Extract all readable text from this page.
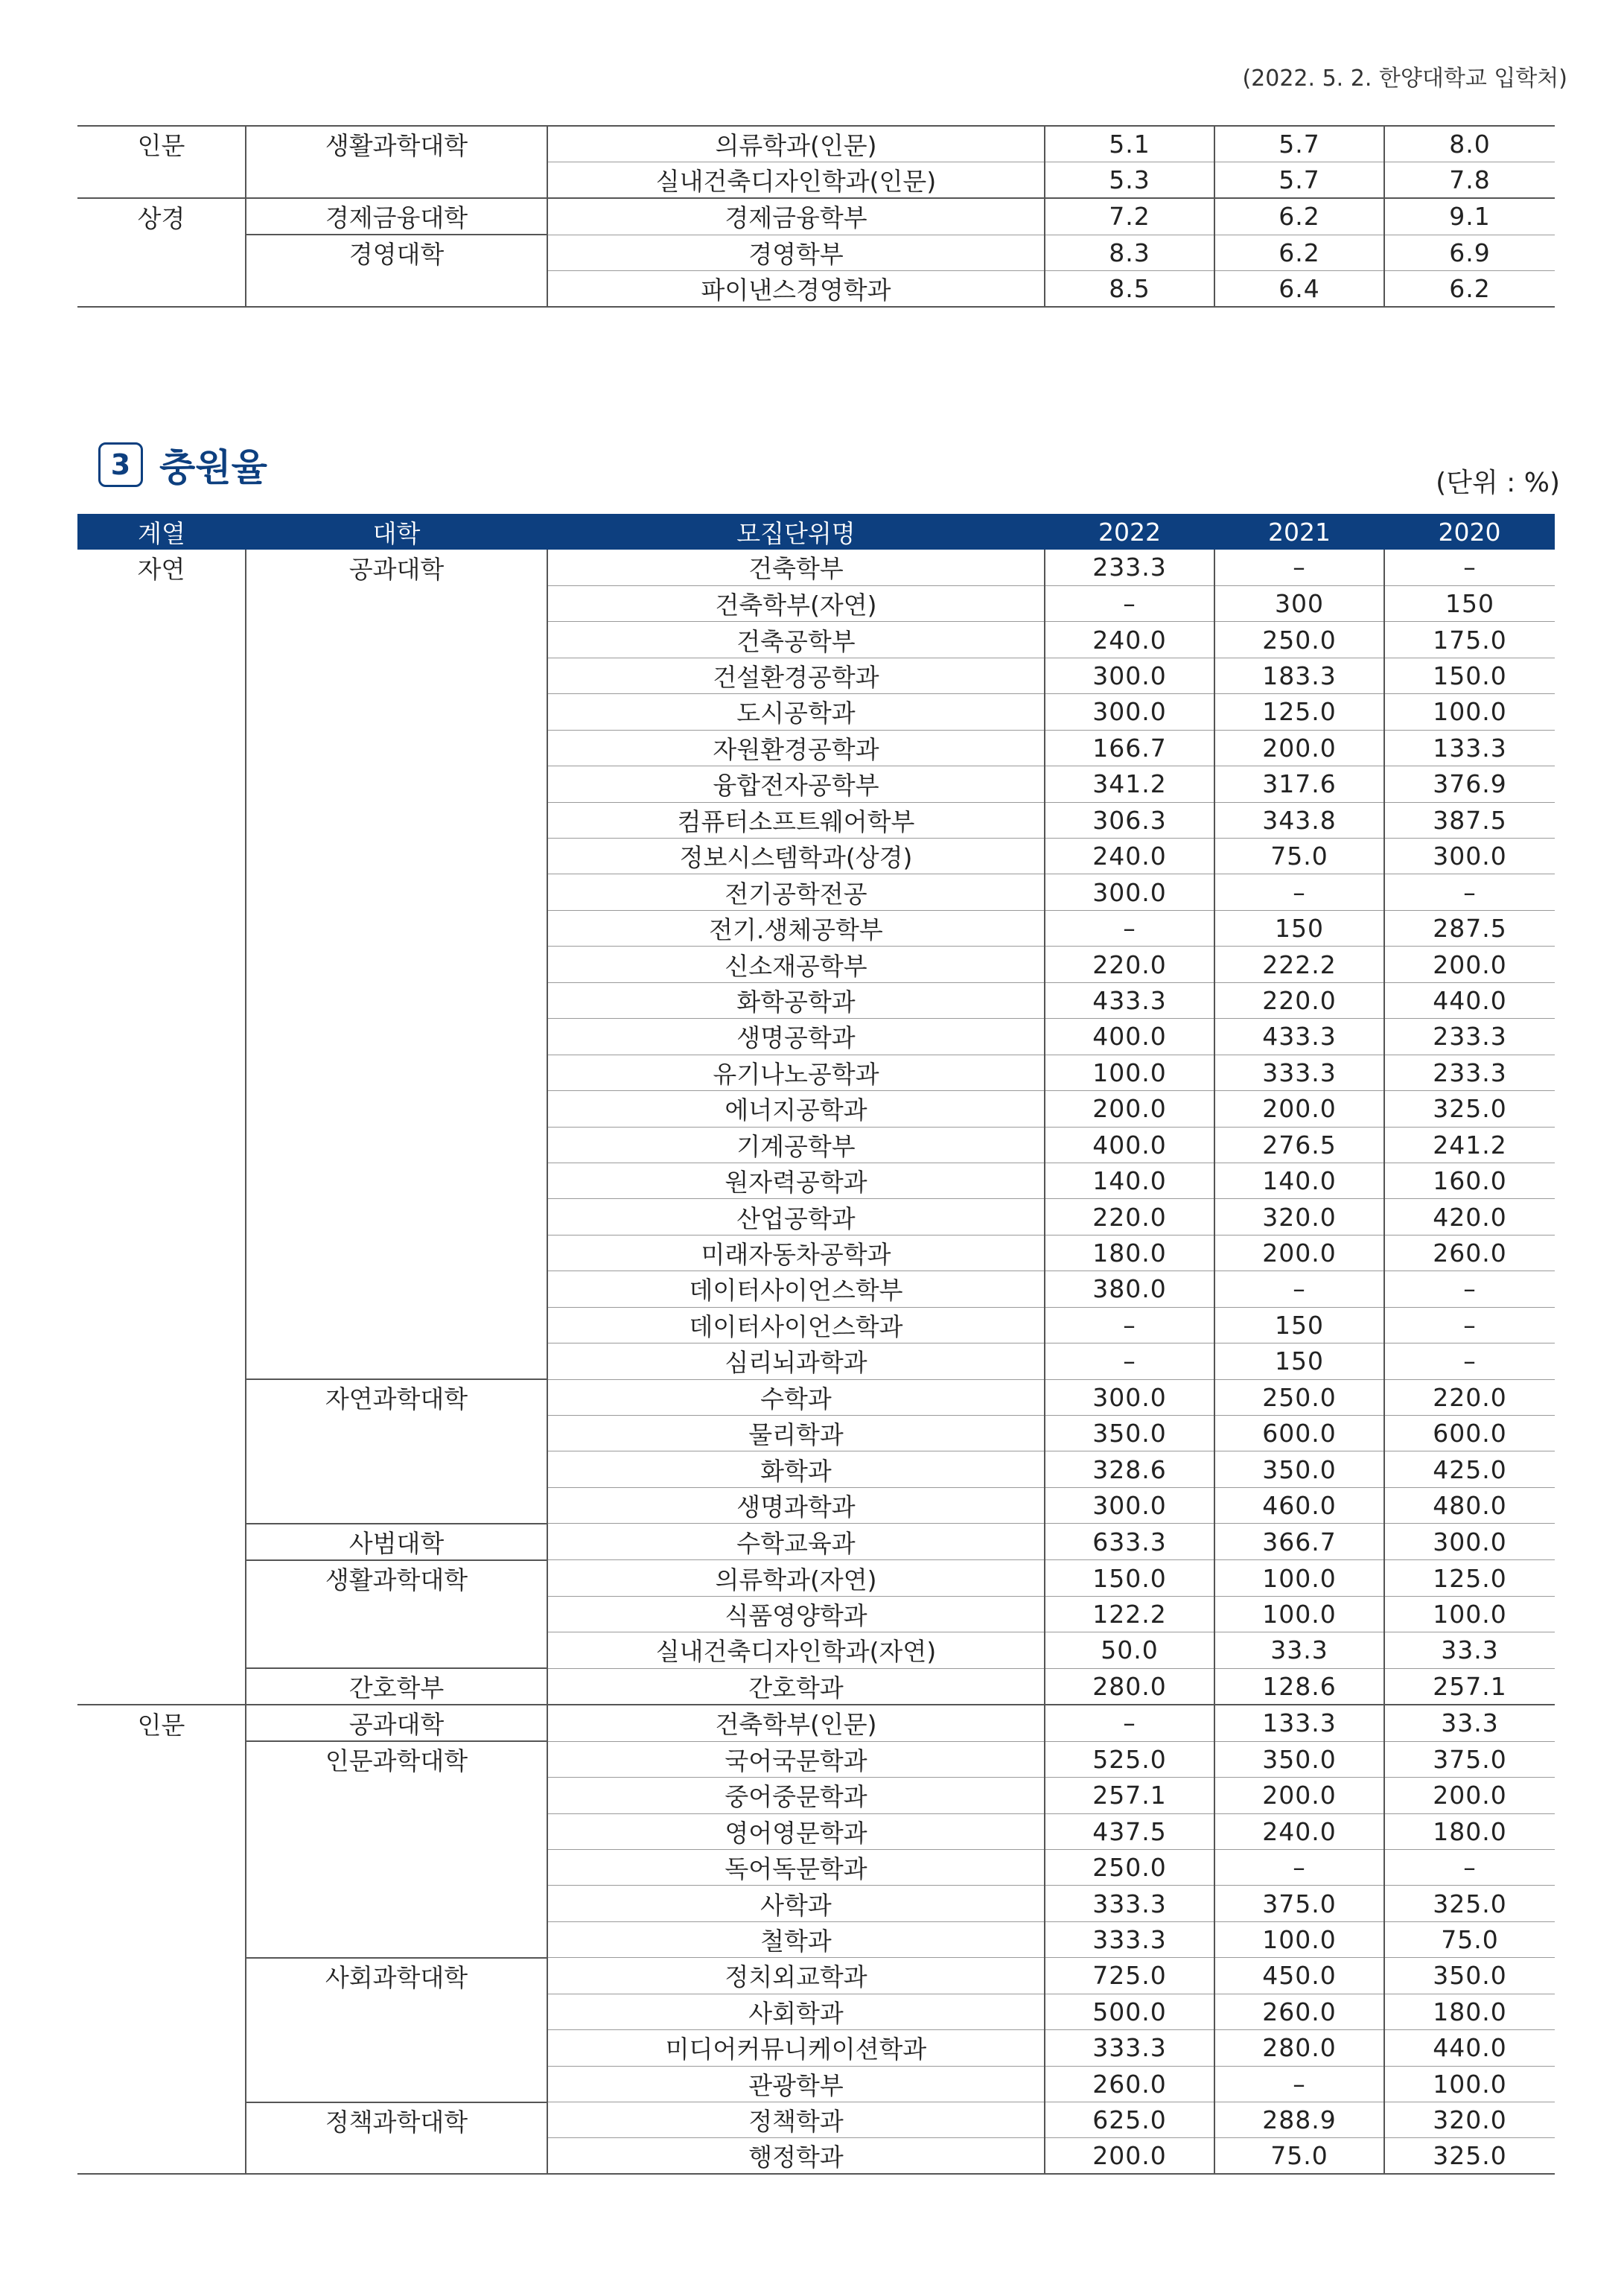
(2022. 5. 2. 한양대학교 입학처)
인문	생활과학대학	의류학과(인문)	5.1	5.7	8.0
		실내건축디자인학과(인문)	5.3	5.7	7.8
상경	경제금융대학	경제금융학부	7.2	6.2	9.1
	경영대학	경영학부	8.3	6.2	6.9
		파이낸스경영학과	8.5	6.4	6.2
3 충원율	(단위 : %)
계열	대학	모집단위명	2022	2021	2020
자연	공과대학	건축학부	233.3	–	–
		건축학부(자연)	–	300	150
		건축공학부	240.0	250.0	175.0
		건설환경공학과	300.0	183.3	150.0
		도시공학과	300.0	125.0	100.0
		자원환경공학과	166.7	200.0	133.3
		융합전자공학부	341.2	317.6	376.9
		컴퓨터소프트웨어학부	306.3	343.8	387.5
		정보시스템학과(상경)	240.0	75.0	300.0
		전기공학전공	300.0	–	–
		전기.생체공학부	–	150	287.5
		신소재공학부	220.0	222.2	200.0
		화학공학과	433.3	220.0	440.0
		생명공학과	400.0	433.3	233.3
		유기나노공학과	100.0	333.3	233.3
		에너지공학과	200.0	200.0	325.0
		기계공학부	400.0	276.5	241.2
		원자력공학과	140.0	140.0	160.0
		산업공학과	220.0	320.0	420.0
		미래자동차공학과	180.0	200.0	260.0
		데이터사이언스학부	380.0	–	–
		데이터사이언스학과	–	150	–
		심리뇌과학과	–	150	–
	자연과학대학	수학과	300.0	250.0	220.0
		물리학과	350.0	600.0	600.0
		화학과	328.6	350.0	425.0
		생명과학과	300.0	460.0	480.0
	사범대학	수학교육과	633.3	366.7	300.0
	생활과학대학	의류학과(자연)	150.0	100.0	125.0
		식품영양학과	122.2	100.0	100.0
		실내건축디자인학과(자연)	50.0	33.3	33.3
	간호학부	간호학과	280.0	128.6	257.1
인문	공과대학	건축학부(인문)	–	133.3	33.3
	인문과학대학	국어국문학과	525.0	350.0	375.0
		중어중문학과	257.1	200.0	200.0
		영어영문학과	437.5	240.0	180.0
		독어독문학과	250.0	–	–
		사학과	333.3	375.0	325.0
		철학과	333.3	100.0	75.0
	사회과학대학	정치외교학과	725.0	450.0	350.0
		사회학과	500.0	260.0	180.0
		미디어커뮤니케이션학과	333.3	280.0	440.0
		관광학부	260.0	–	100.0
	정책과학대학	정책학과	625.0	288.9	320.0
		행정학과	200.0	75.0	325.0
